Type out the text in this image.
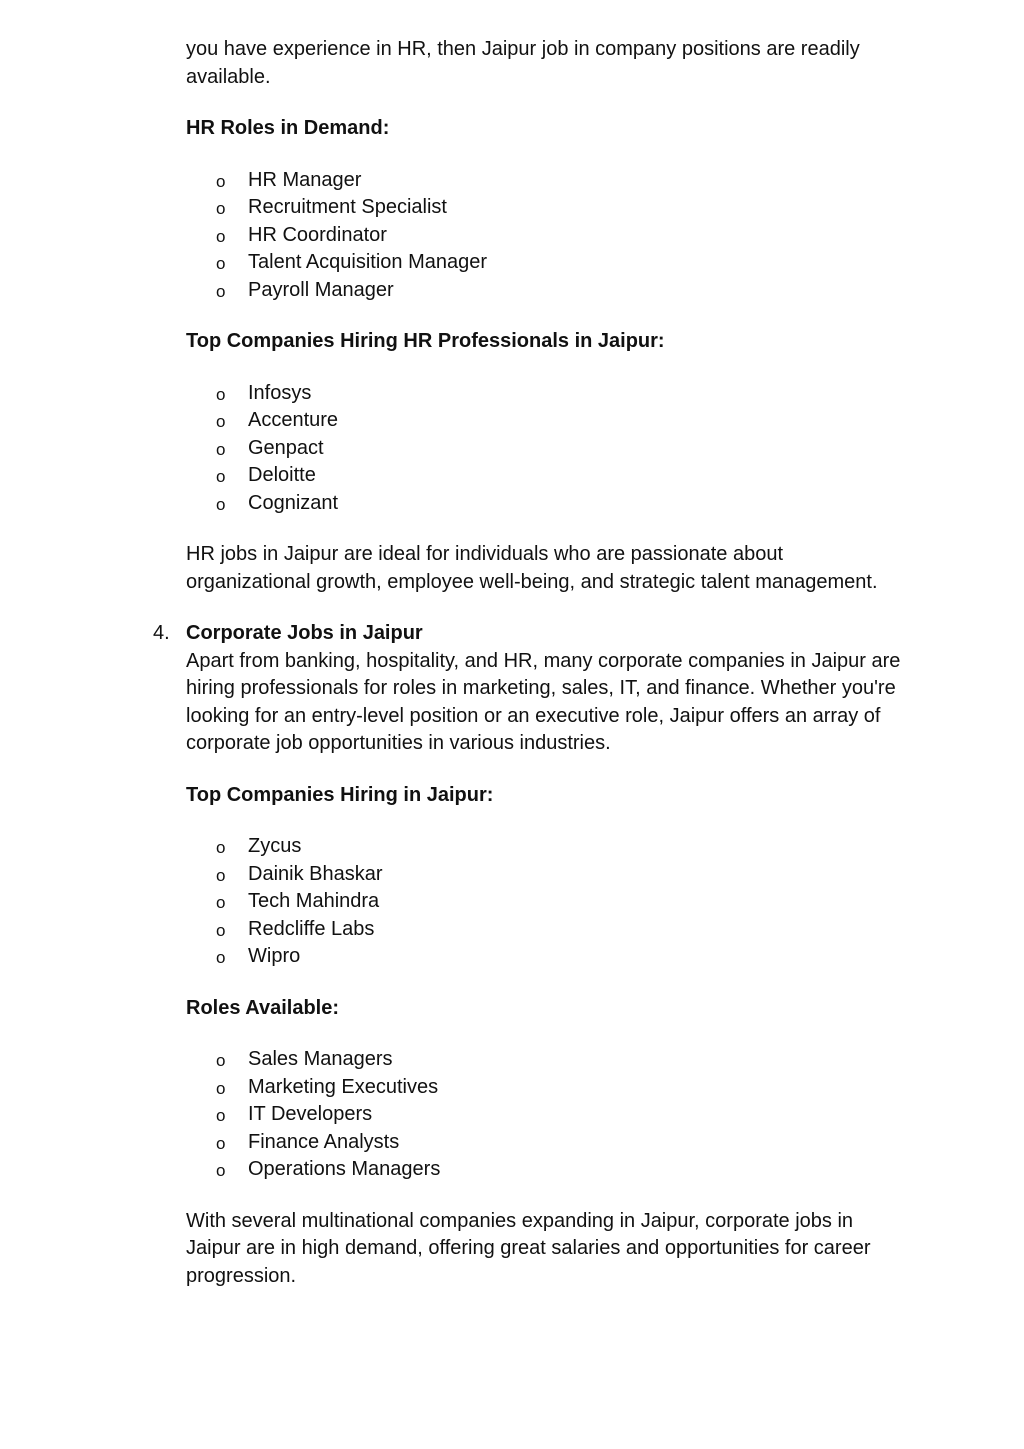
you have experience in HR, then Jaipur job in company positions are readily available.

HR Roles in Demand:

o HR Manager
o Recruitment Specialist
o HR Coordinator
o Talent Acquisition Manager
o Payroll Manager

Top Companies Hiring HR Professionals in Jaipur:

o Infosys
o Accenture
o Genpact
o Deloitte
o Cognizant

HR jobs in Jaipur are ideal for individuals who are passionate about organizational growth, employee well-being, and strategic talent management.

4. Corporate Jobs in Jaipur

Apart from banking, hospitality, and HR, many corporate companies in Jaipur are hiring professionals for roles in marketing, sales, IT, and finance. Whether you're looking for an entry-level position or an executive role, Jaipur offers an array of corporate job opportunities in various industries.

Top Companies Hiring in Jaipur:

o Zycus
o Dainik Bhaskar
o Tech Mahindra
o Redcliffe Labs
o Wipro

Roles Available:

o Sales Managers
o Marketing Executives
o IT Developers
o Finance Analysts
o Operations Managers

With several multinational companies expanding in Jaipur, corporate jobs in Jaipur are in high demand, offering great salaries and opportunities for career progression.
